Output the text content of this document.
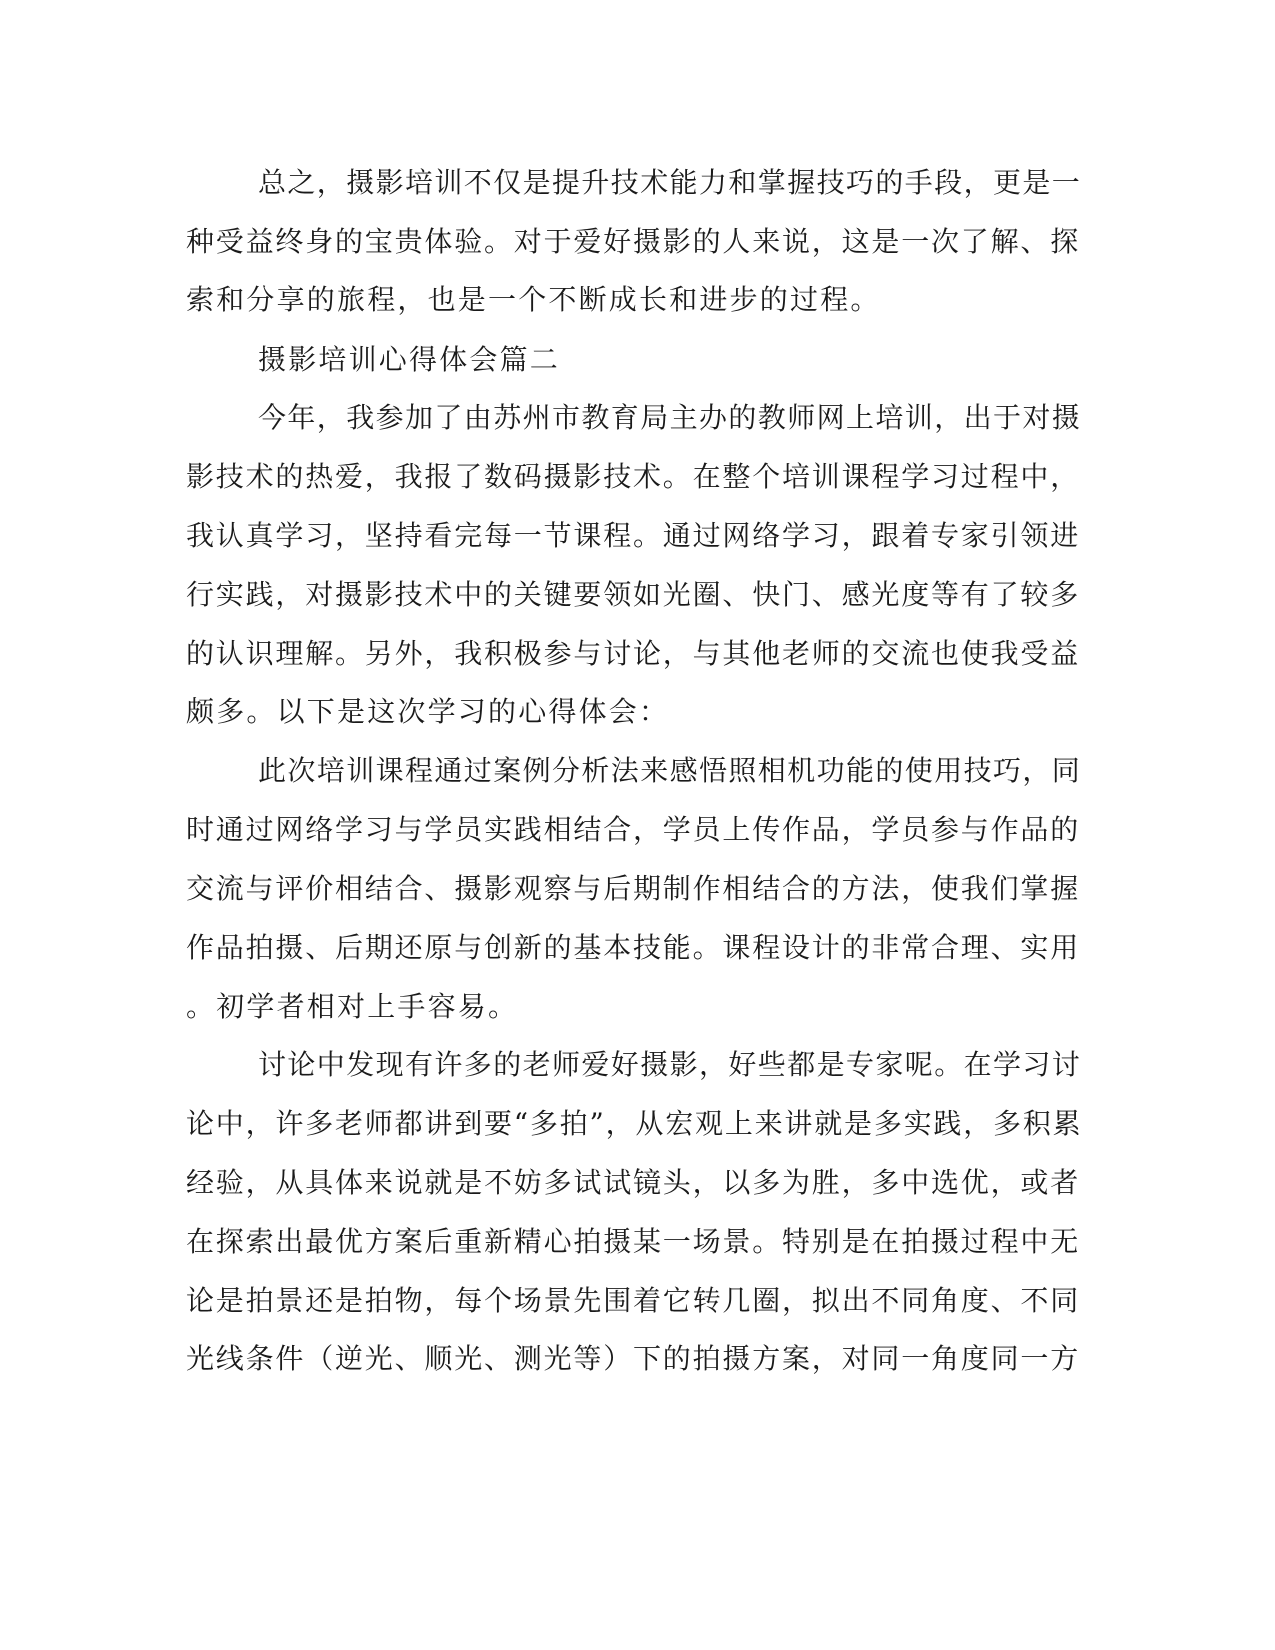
总之，摄影培训不仅是提升技术能力和掌握技巧的手段，更是一
种受益终身的宝贵体验。对于爱好摄影的人来说，这是一次了解、探
索和分享的旅程，也是一个不断成长和进步的过程。
摄影培训心得体会篇二
今年，我参加了由苏州市教育局主办的教师网上培训，出于对摄
影技术的热爱，我报了数码摄影技术。在整个培训课程学习过程中，
我认真学习，坚持看完每一节课程。通过网络学习，跟着专家引领进
行实践，对摄影技术中的关键要领如光圈、快门、感光度等有了较多
的认识理解。另外，我积极参与讨论，与其他老师的交流也使我受益
颇多。以下是这次学习的心得体会：
此次培训课程通过案例分析法来感悟照相机功能的使用技巧，同
时通过网络学习与学员实践相结合，学员上传作品，学员参与作品的
交流与评价相结合、摄影观察与后期制作相结合的方法，使我们掌握
作品拍摄、后期还原与创新的基本技能。课程设计的非常合理、实用
。初学者相对上手容易。
讨论中发现有许多的老师爱好摄影，好些都是专家呢。在学习讨
论中，许多老师都讲到要“多拍”，从宏观上来讲就是多实践，多积累
经验，从具体来说就是不妨多试试镜头，以多为胜，多中选优，或者
在探索出最优方案后重新精心拍摄某一场景。特别是在拍摄过程中无
论是拍景还是拍物，每个场景先围着它转几圈，拟出不同角度、不同
光线条件（逆光、顺光、测光等）下的拍摄方案，对同一角度同一方
